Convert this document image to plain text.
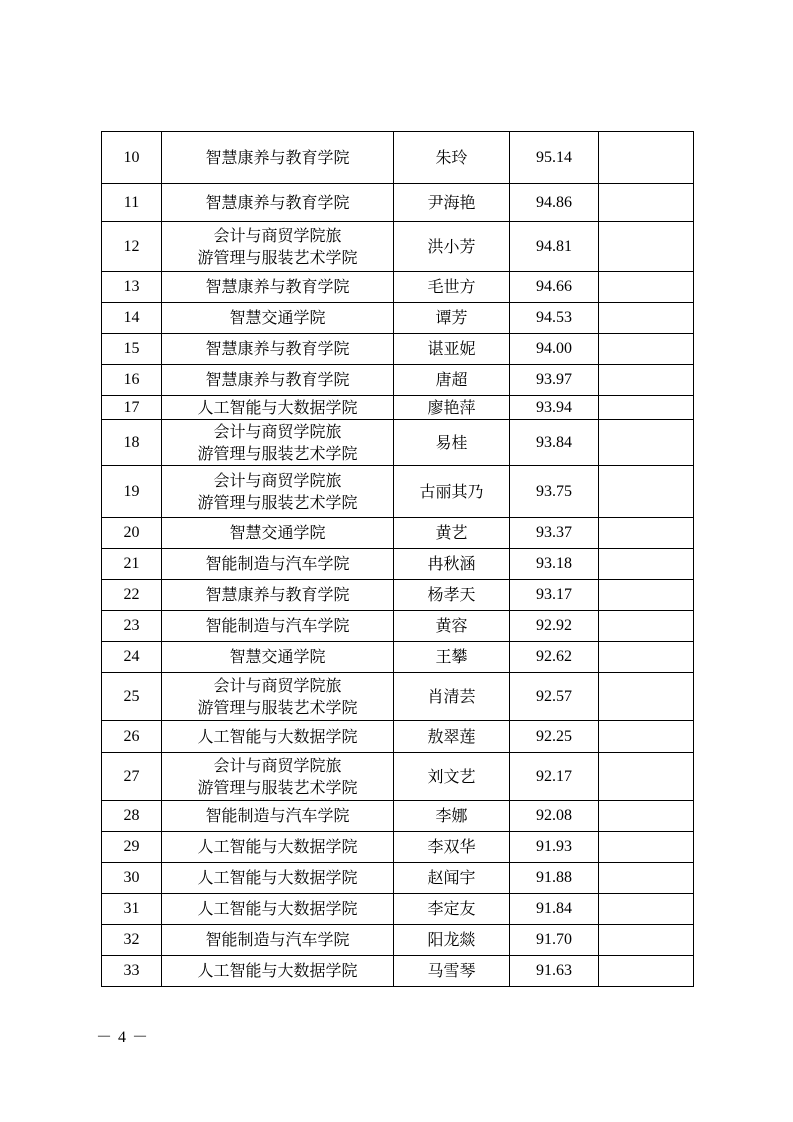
10	智慧康养与教育学院	朱玲	95.14	
11	智慧康养与教育学院	尹海艳	94.86	
12	会计与商贸学院旅
游管理与服装艺术学院	洪小芳	94.81	
13	智慧康养与教育学院	毛世方	94.66	
14	智慧交通学院	谭芳	94.53	
15	智慧康养与教育学院	谌亚妮	94.00	
16	智慧康养与教育学院	唐超	93.97	
17	人工智能与大数据学院	廖艳萍	93.94	
18	会计与商贸学院旅
游管理与服装艺术学院	易桂	93.84	
19	会计与商贸学院旅
游管理与服装艺术学院	古丽其乃	93.75	
20	智慧交通学院	黄艺	93.37	
21	智能制造与汽车学院	冉秋涵	93.18	
22	智慧康养与教育学院	杨孝天	93.17	
23	智能制造与汽车学院	黄容	92.92	
24	智慧交通学院	王攀	92.62	
25	会计与商贸学院旅
游管理与服装艺术学院	肖清芸	92.57	
26	人工智能与大数据学院	敖翠莲	92.25	
27	会计与商贸学院旅
游管理与服装艺术学院	刘文艺	92.17	
28	智能制造与汽车学院	李娜	92.08	
29	人工智能与大数据学院	李双华	91.93	
30	人工智能与大数据学院	赵闻宇	91.88	
31	人工智能与大数据学院	李定友	91.84	
32	智能制造与汽车学院	阳龙燚	91.70	
33	人工智能与大数据学院	马雪琴	91.63	
－ 4 －
